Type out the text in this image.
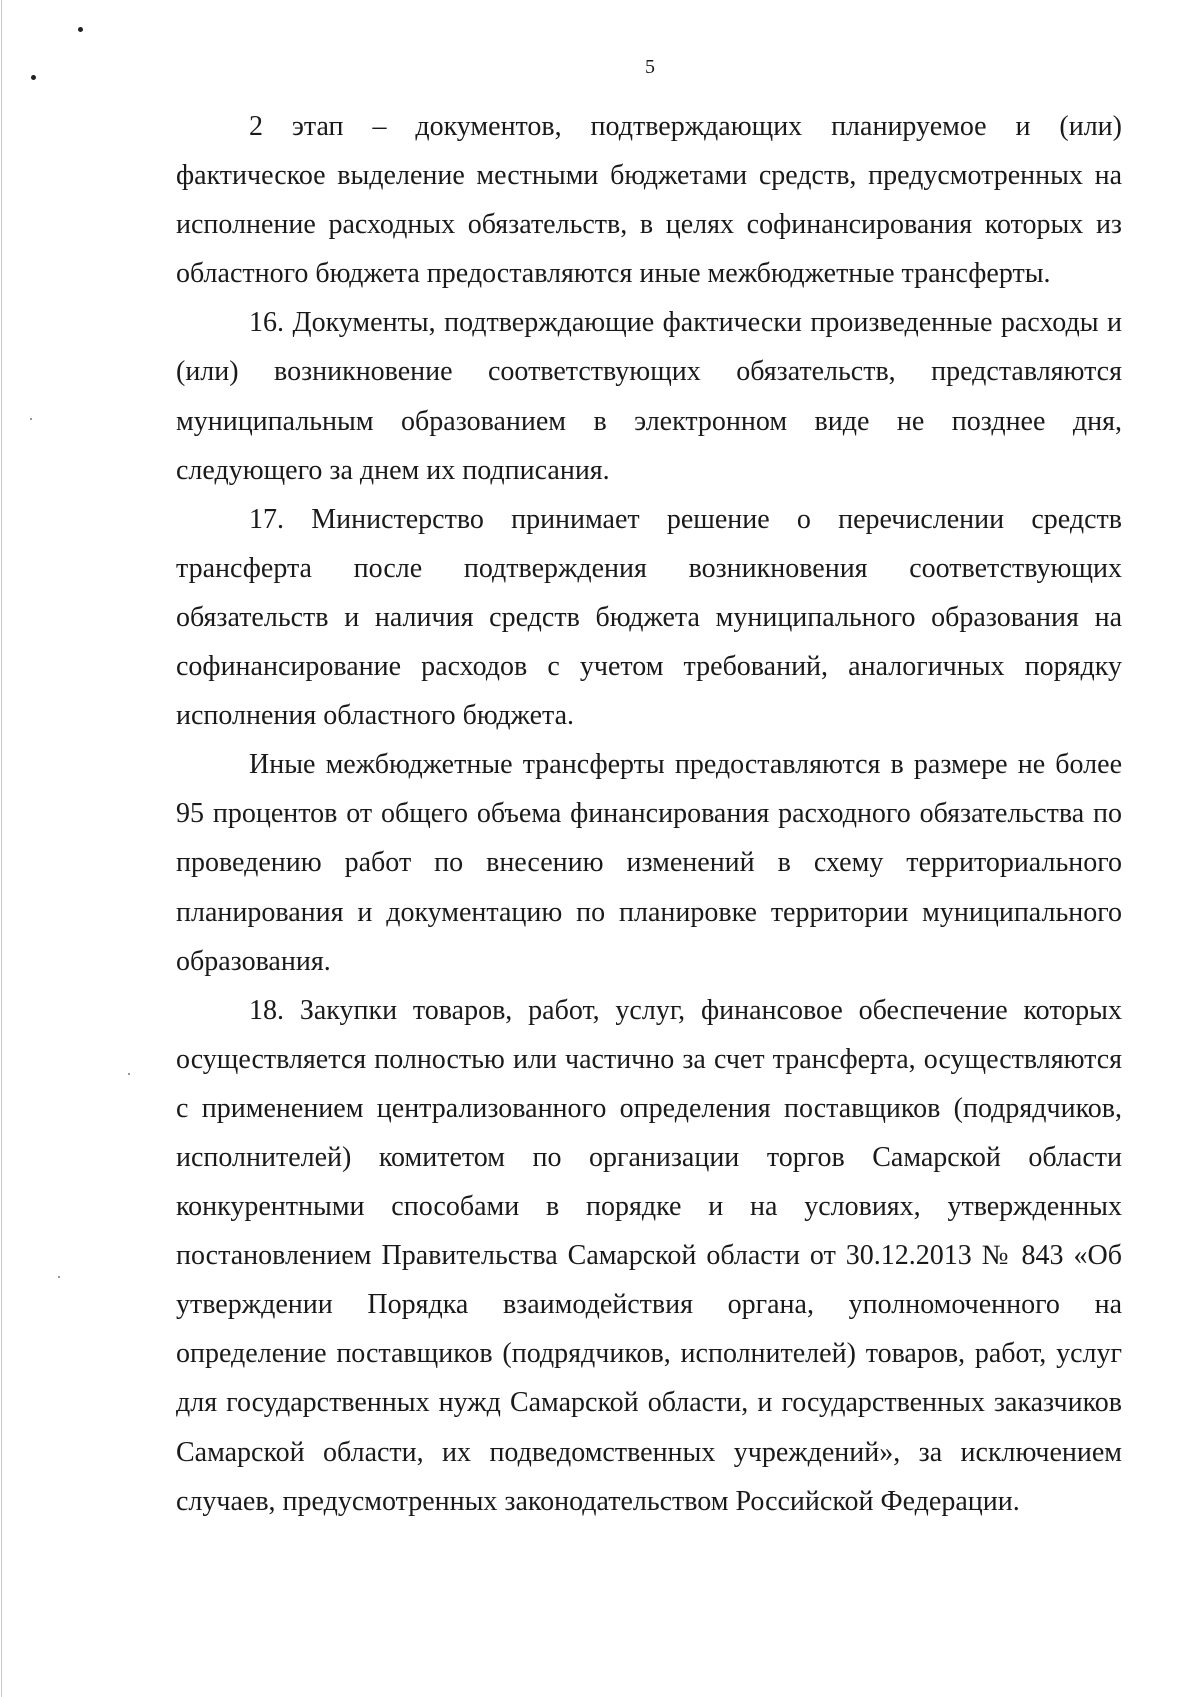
5

2 этап – документов, подтверждающих планируемое и (или) фактическое выделение местными бюджетами средств, предусмотренных на исполнение расходных обязательств, в целях софинансирования которых из областного бюджета предоставляются иные межбюджетные трансферты.

16. Документы, подтверждающие фактически произведенные расходы и (или) возникновение соответствующих обязательств, представляются муниципальным образованием в электронном виде не позднее дня, следующего за днем их подписания.

17. Министерство принимает решение о перечислении средств трансферта после подтверждения возникновения соответствующих обязательств и наличия средств бюджета муниципального образования на софинансирование расходов с учетом требований, аналогичных порядку исполнения областного бюджета.

Иные межбюджетные трансферты предоставляются в размере не более 95 процентов от общего объема финансирования расходного обязательства по проведению работ по внесению изменений в схему территориального планирования и документацию по планировке территории муниципального образования.

18. Закупки товаров, работ, услуг, финансовое обеспечение которых осуществляется полностью или частично за счет трансферта, осуществляются с применением централизованного определения поставщиков (подрядчиков, исполнителей) комитетом по организации торгов Самарской области конкурентными способами в порядке и на условиях, утвержденных постановлением Правительства Самарской области от 30.12.2013 № 843 «Об утверждении Порядка взаимодействия органа, уполномоченного на определение поставщиков (подрядчиков, исполнителей) товаров, работ, услуг для государственных нужд Самарской области, и государственных заказчиков Самарской области, их подведомственных учреждений», за исключением случаев, предусмотренных законодательством Российской Федерации.
